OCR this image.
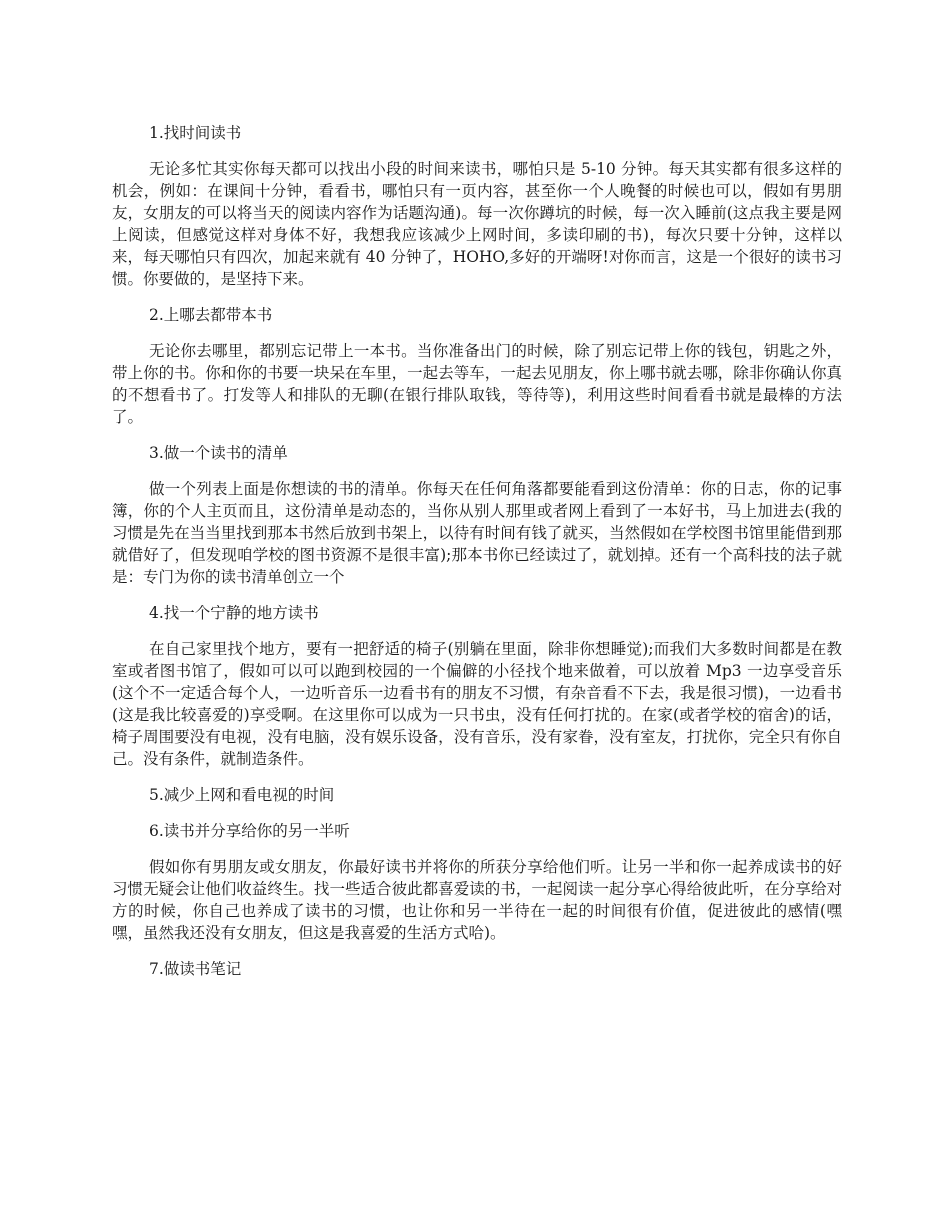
1.找时间读书

无论多忙其实你每天都可以找出小段的时间来读书，哪怕只是 5-10 分钟。每天其实都有很多这样的机会，例如：在课间十分钟，看看书，哪怕只有一页内容，甚至你一个人晚餐的时候也可以，假如有男朋友，女朋友的可以将当天的阅读内容作为话题沟通)。每一次你蹲坑的时候，每一次入睡前(这点我主要是网上阅读，但感觉这样对身体不好，我想我应该减少上网时间，多读印刷的书)，每次只要十分钟，这样以来，每天哪怕只有四次，加起来就有 40 分钟了，HOHO,多好的开端呀!对你而言，这是一个很好的读书习惯。你要做的，是坚持下来。

2.上哪去都带本书

无论你去哪里，都别忘记带上一本书。当你准备出门的时候，除了别忘记带上你的钱包，钥匙之外，带上你的书。你和你的书要一块呆在车里，一起去等车，一起去见朋友，你上哪书就去哪，除非你确认你真的不想看书了。打发等人和排队的无聊(在银行排队取钱，等待等)，利用这些时间看看书就是最棒的方法了。

3.做一个读书的清单

做一个列表上面是你想读的书的清单。你每天在任何角落都要能看到这份清单：你的日志，你的记事簿，你的个人主页而且，这份清单是动态的，当你从别人那里或者网上看到了一本好书，马上加进去(我的习惯是先在当当里找到那本书然后放到书架上，以待有时间有钱了就买，当然假如在学校图书馆里能借到那就借好了，但发现咱学校的图书资源不是很丰富);那本书你已经读过了，就划掉。还有一个高科技的法子就是：专门为你的读书清单创立一个

4.找一个宁静的地方读书

在自己家里找个地方，要有一把舒适的椅子(别躺在里面，除非你想睡觉);而我们大多数时间都是在教室或者图书馆了，假如可以可以跑到校园的一个偏僻的小径找个地来做着，可以放着 Mp3 一边享受音乐(这个不一定适合每个人，一边听音乐一边看书有的朋友不习惯，有杂音看不下去，我是很习惯)，一边看书(这是我比较喜爱的)享受啊。在这里你可以成为一只书虫，没有任何打扰的。在家(或者学校的宿舍)的话，椅子周围要没有电视，没有电脑，没有娱乐设备，没有音乐，没有家眷，没有室友，打扰你，完全只有你自己。没有条件，就制造条件。

5.减少上网和看电视的时间

6.读书并分享给你的另一半听

假如你有男朋友或女朋友，你最好读书并将你的所获分享给他们听。让另一半和你一起养成读书的好习惯无疑会让他们收益终生。找一些适合彼此都喜爱读的书，一起阅读一起分享心得给彼此听，在分享给对方的时候，你自己也养成了读书的习惯，也让你和另一半待在一起的时间很有价值，促进彼此的感情(嘿嘿，虽然我还没有女朋友，但这是我喜爱的生活方式哈)。

7.做读书笔记
